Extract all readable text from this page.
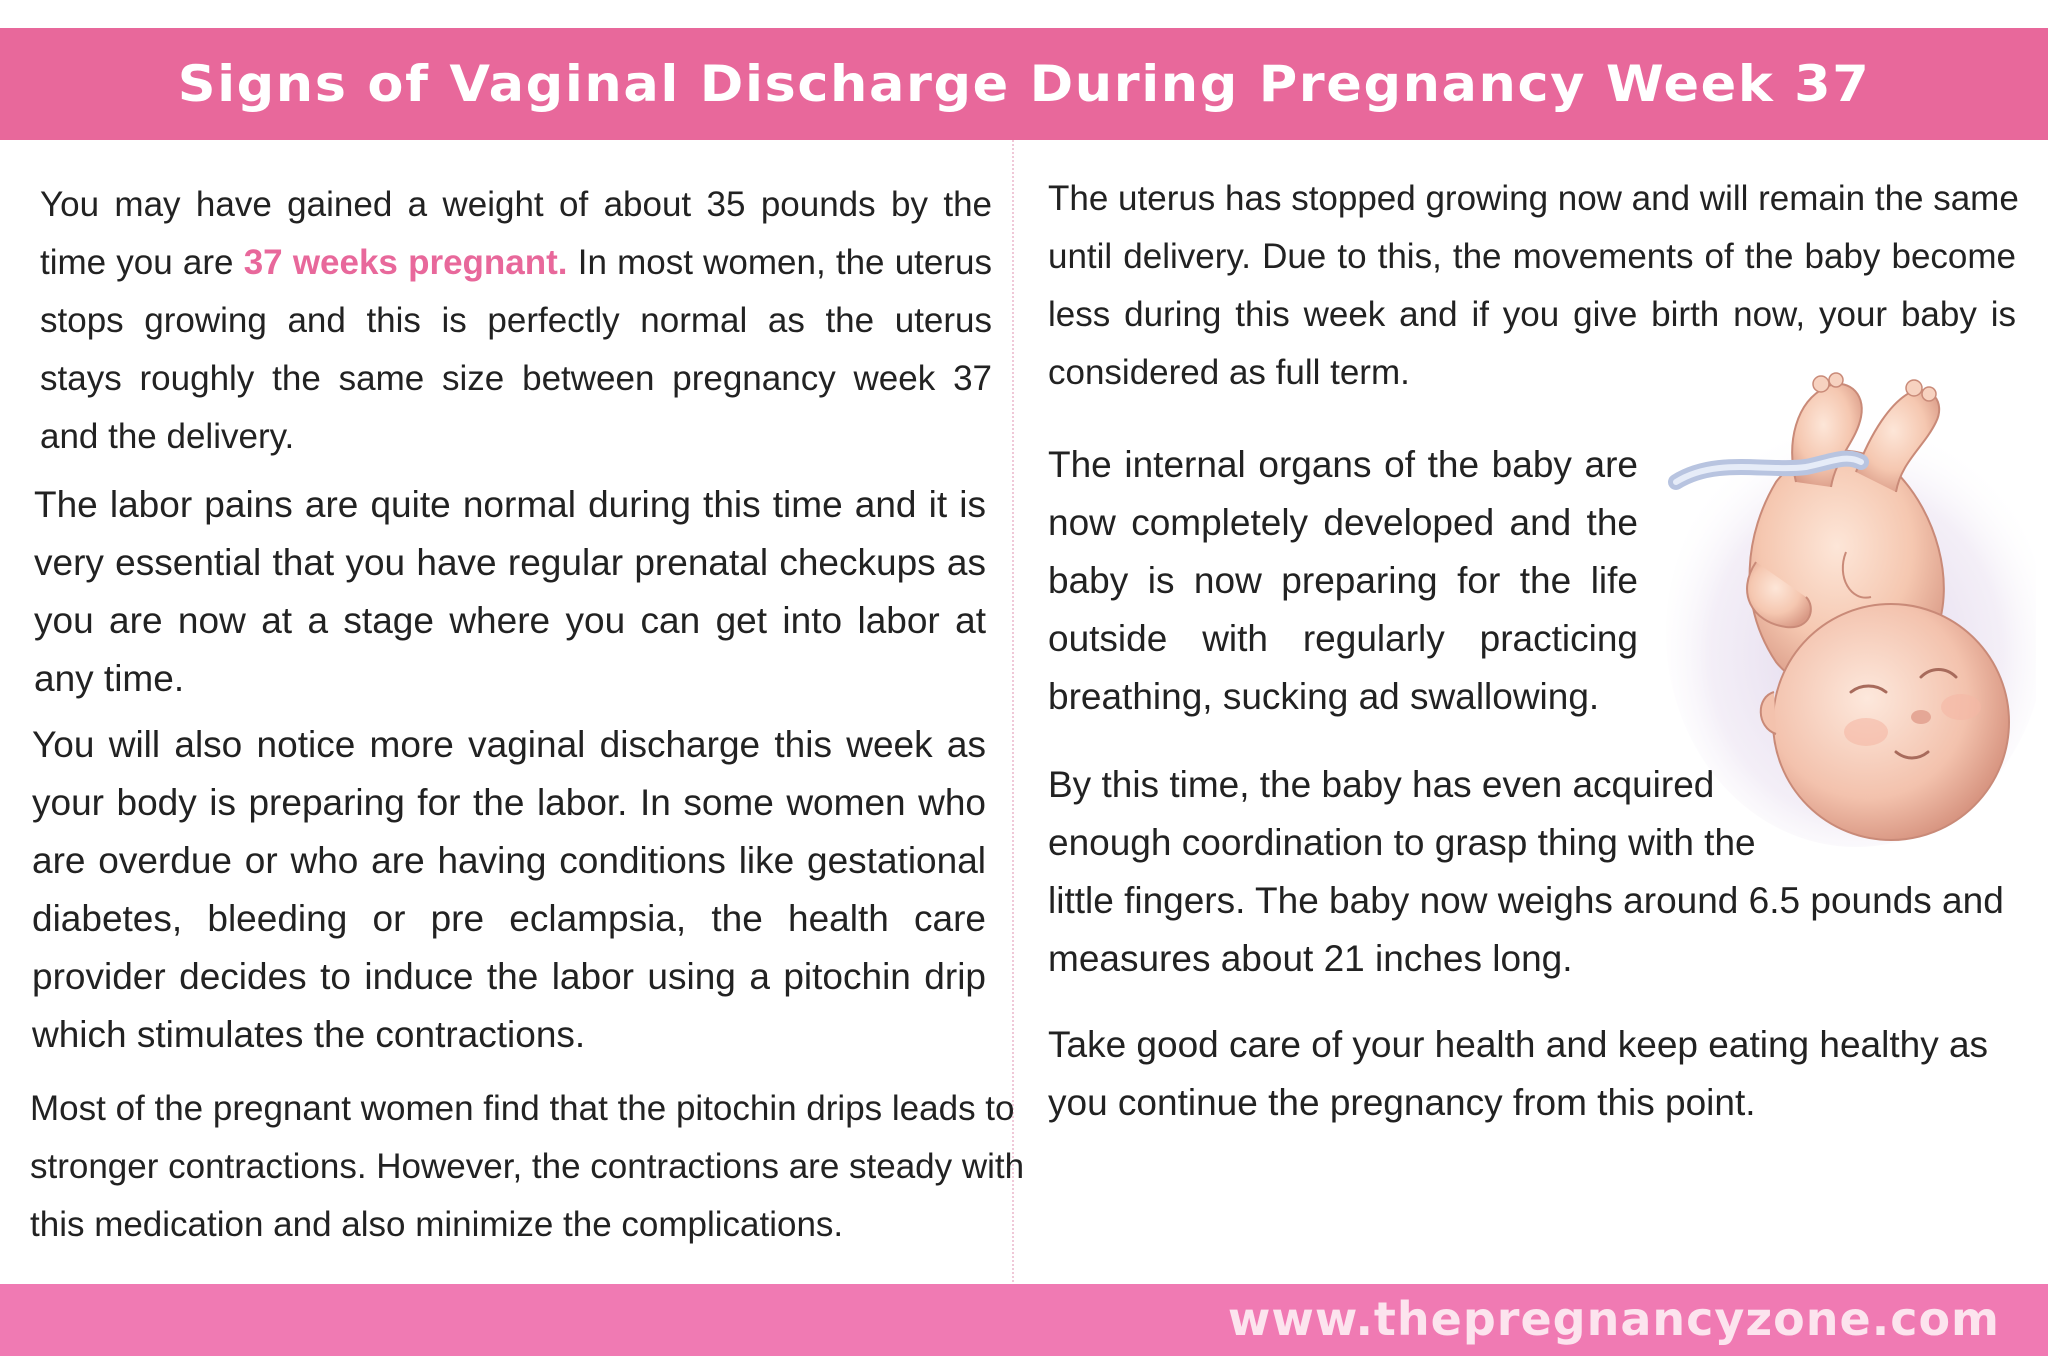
Signs of Vaginal Discharge During Pregnancy Week 37
You may have gained a weight of about 35 pounds by the
time you are 37 weeks pregnant. In most women, the uterus
stops growing and this is perfectly normal as the uterus
stays roughly the same size between pregnancy week 37
and the delivery.
The labor pains are quite normal during this time and it is
very essential that you have regular prenatal checkups as
you are now at a stage where you can get into labor at
any time.
You will also notice more vaginal discharge this week as
your body is preparing for the labor. In some women who
are overdue or who are having conditions like gestational
diabetes, bleeding or pre eclampsia, the health care
provider decides to induce the labor using a pitochin drip
which stimulates the contractions.
Most of the pregnant women find that the pitochin drips leads to
stronger contractions. However, the contractions are steady with
this medication and also minimize the complications.
The uterus has stopped growing now and will remain the same
until delivery. Due to this, the movements of the baby become
less during this week and if you give birth now, your baby is
considered as full term.
The internal organs of the baby are
now completely developed and the
baby is now preparing for the life
outside with regularly practicing
breathing, sucking ad swallowing.
By this time, the baby has even acquired
enough coordination to grasp thing with the
little fingers. The baby now weighs around 6.5 pounds and
measures about 21 inches long.
Take good care of your health and keep eating healthy as
you continue the pregnancy from this point.
www.thepregnancyzone.com
